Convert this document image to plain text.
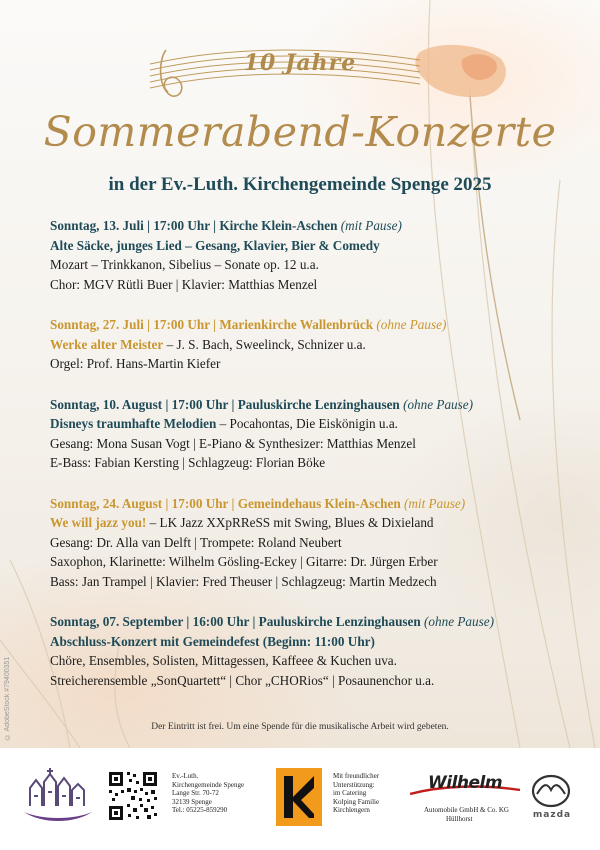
10 Jahre
Sommerabend-Konzerte
in der Ev.-Luth. Kirchengemeinde Spenge 2025
Sonntag, 13. Juli | 17:00 Uhr | Kirche Klein-Aschen (mit Pause)
Alte Säcke, junges Lied – Gesang, Klavier, Bier & Comedy
Mozart – Trinkkanon, Sibelius – Sonate op. 12 u.a.
Chor: MGV Rütli Buer | Klavier: Matthias Menzel
Sonntag, 27. Juli | 17:00 Uhr | Marienkirche Wallenbrück (ohne Pause)
Werke alter Meister – J. S. Bach, Sweelinck, Schnizer u.a.
Orgel: Prof. Hans-Martin Kiefer
Sonntag, 10. August | 17:00 Uhr | Pauluskirche Lenzinghausen (ohne Pause)
Disneys traumhafte Melodien – Pocahontas, Die Eiskönigin u.a.
Gesang: Mona Susan Vogt | E-Piano & Synthesizer: Matthias Menzel
E-Bass: Fabian Kersting | Schlagzeug: Florian Böke
Sonntag, 24. August | 17:00 Uhr | Gemeindehaus Klein-Aschen (mit Pause)
We will jazz you! – LK Jazz XXpRReSS mit Swing, Blues & Dixieland
Gesang: Dr. Alla van Delft | Trompete: Roland Neubert
Saxophon, Klarinette: Wilhelm Gösling-Eckey | Gitarre: Dr. Jürgen Erber
Bass: Jan Trampel | Klavier: Fred Theuser | Schlagzeug: Martin Medzech
Sonntag, 07. September | 16:00 Uhr | Pauluskirche Lenzinghausen (ohne Pause)
Abschluss-Konzert mit Gemeindefest (Beginn: 11:00 Uhr)
Chöre, Ensembles, Solisten, Mittagessen, Kaffeee & Kuchen uva.
Streicherensemble „SonQuartett“ | Chor „CHORios“ | Posaunenchor u.a.
Der Eintritt ist frei. Um eine Spende für die musikalische Arbeit wird gebeten.
© AdobeStock #79400351
Ev.-Luth.
Kirchengemeinde Spenge
Lange Str. 70-72
32139 Spenge
Tel.: 05225-859290
Mit freundlicher
Unterstützung:
im Catering
Kolping Familie
Kirchlengern
Wilhelm
Automobile GmbH & Co. KG
Hüllhorst	mazda
